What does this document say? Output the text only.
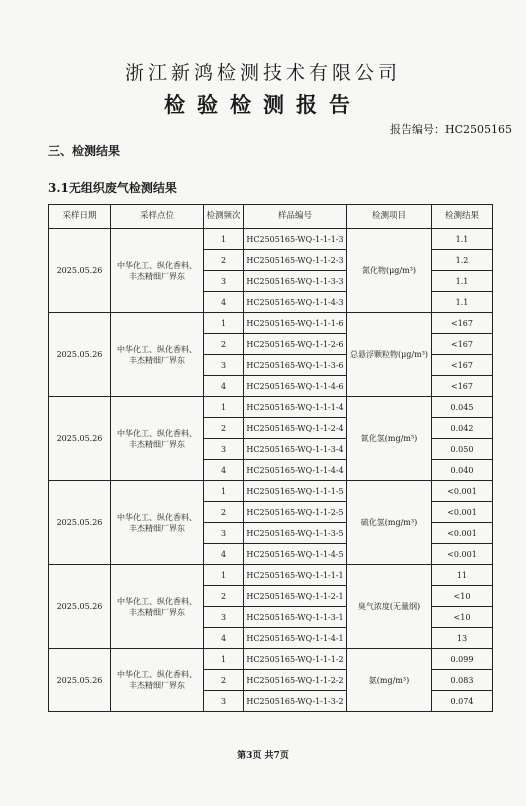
浙江新鸿检测技术有限公司
检验检测报告
报告编号：HC2505165
三、检测结果
3.1无组织废气检测结果
采样日期	采样点位	检测频次	样品编号	检测项目	检测结果
2025.05.26	中华化工、纵化香料、丰杰精细厂界东	1	HC2505165-WQ-1-1-1-3	氮化物(μg/m³)	1.1
		2	HC2505165-WQ-1-1-2-3		1.2
		3	HC2505165-WQ-1-1-3-3		1.1
		4	HC2505165-WQ-1-1-4-3		1.1
2025.05.26	中华化工、纵化香料、丰杰精细厂界东	1	HC2505165-WQ-1-1-1-6	总悬浮颗粒物(μg/m³)	<167
		2	HC2505165-WQ-1-1-2-6		<167
		3	HC2505165-WQ-1-1-3-6		<167
		4	HC2505165-WQ-1-1-4-6		<167
2025.05.26	中华化工、纵化香料、丰杰精细厂界东	1	HC2505165-WQ-1-1-1-4	氮化氢(mg/m³)	0.045
		2	HC2505165-WQ-1-1-2-4		0.042
		3	HC2505165-WQ-1-1-3-4		0.050
		4	HC2505165-WQ-1-1-4-4		0.040
2025.05.26	中华化工、纵化香料、丰杰精细厂界东	1	HC2505165-WQ-1-1-1-5	硫化氢(mg/m³)	<0.001
		2	HC2505165-WQ-1-1-2-5		<0.001
		3	HC2505165-WQ-1-1-3-5		<0.001
		4	HC2505165-WQ-1-1-4-5		<0.001
2025.05.26	中华化工、纵化香料、丰杰精细厂界东	1	HC2505165-WQ-1-1-1-1	臭气浓度(无量纲)	11
		2	HC2505165-WQ-1-1-2-1		<10
		3	HC2505165-WQ-1-1-3-1		<10
		4	HC2505165-WQ-1-1-4-1		13
2025.05.26	中华化工、纵化香料、丰杰精细厂界东	1	HC2505165-WQ-1-1-1-2	氨(mg/m³)	0.099
		2	HC2505165-WQ-1-1-2-2		0.083
		3	HC2505165-WQ-1-1-3-2		0.074
第3页 共7页
